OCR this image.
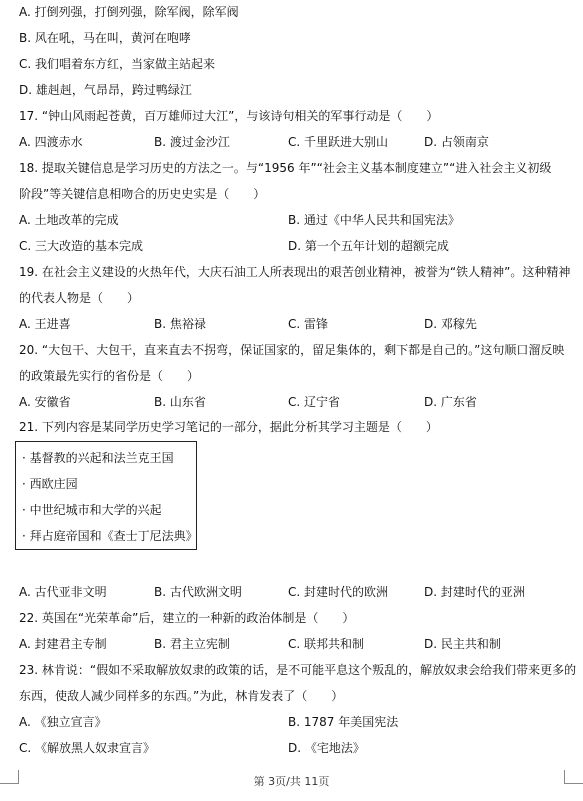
A. 打倒列强，打倒列强，除军阀，除军阀
B. 风在吼，马在叫，黄河在咆哮
C. 我们唱着东方红，当家做主站起来
D. 雄赳赳，气昂昂，跨过鸭绿江
17. “钟山风雨起苍黄，百万雄师过大江”，与该诗句相关的军事行动是（　　）
A. 四渡赤水	B. 渡过金沙江	C. 千里跃进大别山	D. 占领南京
18. 提取关键信息是学习历史的方法之一。与“1956 年”“社会主义基本制度建立”“进入社会主义初级
阶段”等关键信息相吻合的历史史实是（　　）
A. 土地改革的完成	B. 通过《中华人民共和国宪法》
C. 三大改造的基本完成	D. 第一个五年计划的超额完成
19. 在社会主义建设的火热年代，大庆石油工人所表现出的艰苦创业精神，被誉为“铁人精神”。这种精神
的代表人物是（　　）
A. 王进喜	B. 焦裕禄	C. 雷锋	D. 邓稼先
20. “大包干、大包干，直来直去不拐弯，保证国家的，留足集体的，剩下都是自己的。”这句顺口溜反映
的政策最先实行的省份是（　　）
A. 安徽省	B. 山东省	C. 辽宁省	D. 广东省
21. 下列内容是某同学历史学习笔记的一部分，据此分析其学习主题是（　　）
· 基督教的兴起和法兰克王国
· 西欧庄园
· 中世纪城市和大学的兴起
· 拜占庭帝国和《查士丁尼法典》
A. 古代亚非文明	B. 古代欧洲文明	C. 封建时代的欧洲	D. 封建时代的亚洲
22. 英国在“光荣革命”后，建立的一种新的政治体制是（　　）
A. 封建君主专制	B. 君主立宪制	C. 联邦共和制	D. 民主共和制
23. 林肯说：“假如不采取解放奴隶的政策的话，是不可能平息这个叛乱的，解放奴隶会给我们带来更多的
东西，使敌人减少同样多的东西。”为此，林肯发表了（　　）
A. 《独立宣言》	B. 1787 年美国宪法
C. 《解放黑人奴隶宣言》	D. 《宅地法》
第 3页/共 11页
